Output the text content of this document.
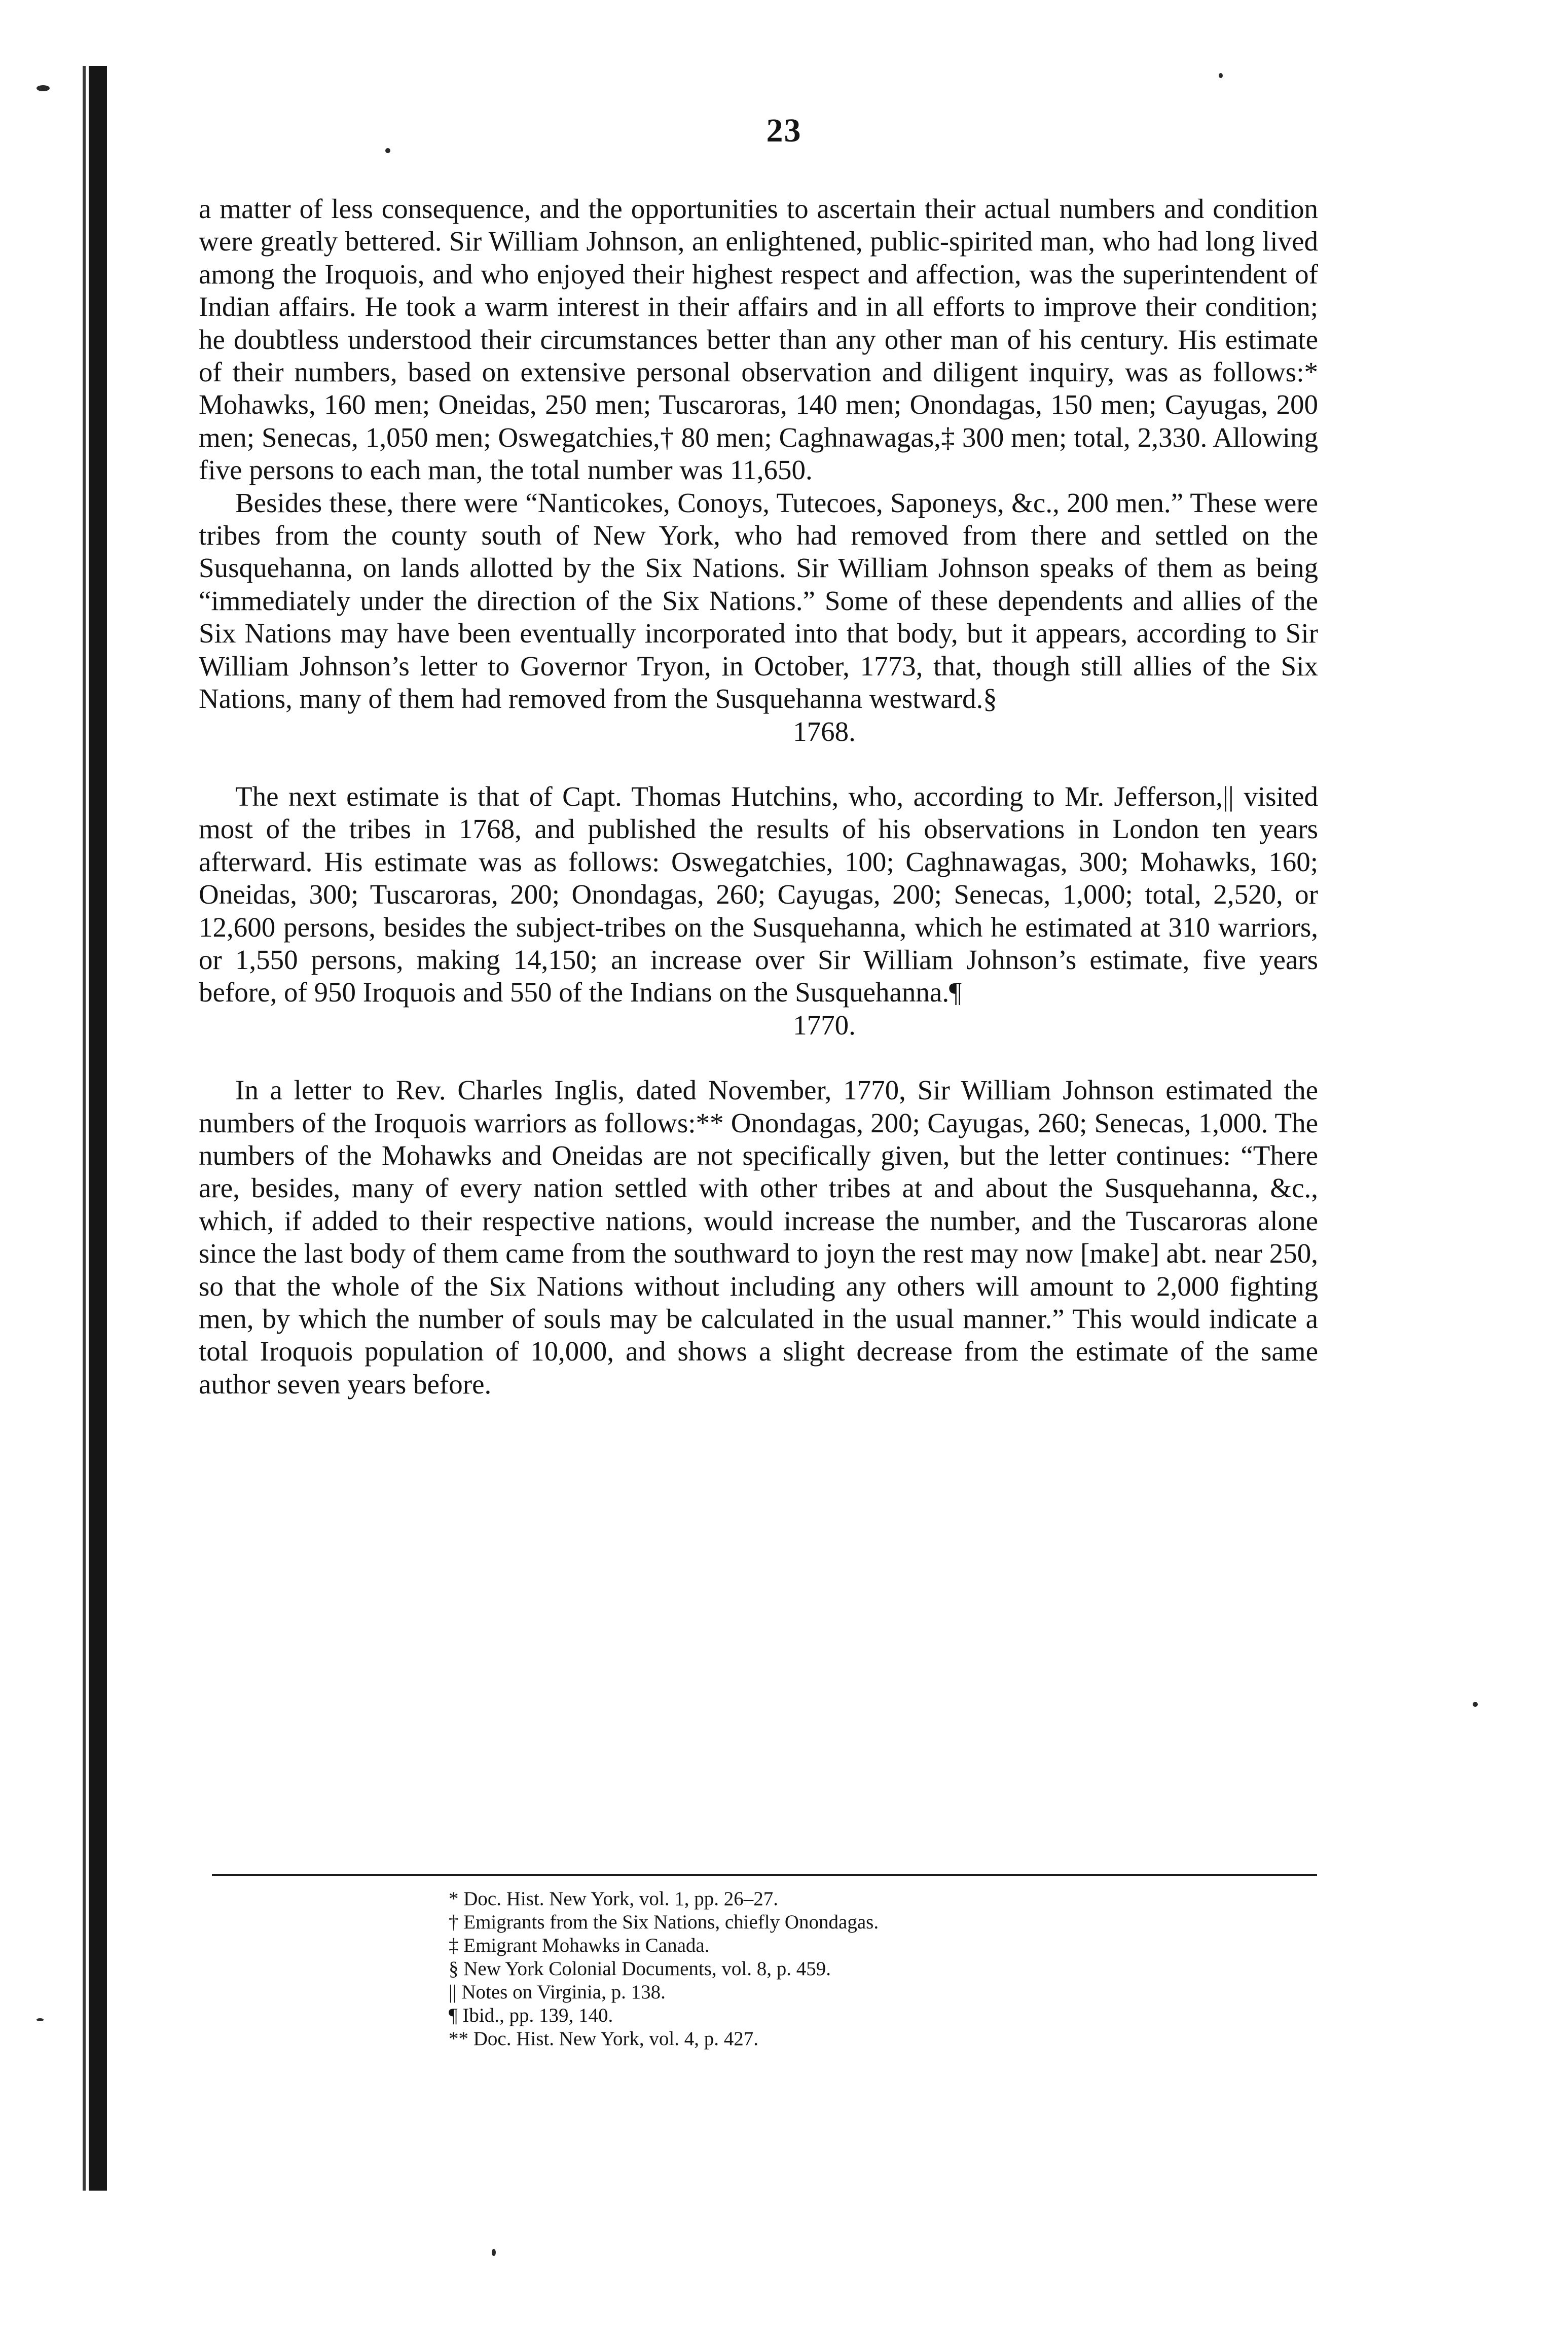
23

a matter of less consequence, and the opportunities to ascertain their actual numbers and condition were greatly bettered. Sir William Johnson, an enlightened, public-spirited man, who had long lived among the Iroquois, and who enjoyed their highest respect and affection, was the superintendent of Indian affairs. He took a warm interest in their affairs and in all efforts to improve their condition; he doubtless understood their circumstances better than any other man of his century. His estimate of their numbers, based on extensive personal observation and diligent inquiry, was as follows:* Mohawks, 160 men; Oneidas, 250 men; Tuscaroras, 140 men; Onondagas, 150 men; Cayugas, 200 men; Senecas, 1,050 men; Oswegatchies,† 80 men; Caghnawagas,‡ 300 men; total, 2,330. Allowing five persons to each man, the total number was 11,650.

Besides these, there were “Nanticokes, Conoys, Tutecoes, Saponeys, &c., 200 men.” These were tribes from the county south of New York, who had removed from there and settled on the Susquehanna, on lands allotted by the Six Nations. Sir William Johnson speaks of them as being “immediately under the direction of the Six Nations.” Some of these dependents and allies of the Six Nations may have been eventually incorporated into that body, but it appears, according to Sir William Johnson’s letter to Governor Tryon, in October, 1773, that, though still allies of the Six Nations, many of them had removed from the Susquehanna westward.§

1768.

The next estimate is that of Capt. Thomas Hutchins, who, according to Mr. Jefferson,|| visited most of the tribes in 1768, and published the results of his observations in London ten years afterward. His estimate was as follows: Oswegatchies, 100; Caghnawagas, 300; Mohawks, 160; Oneidas, 300; Tuscaroras, 200; Onondagas, 260; Cayugas, 200; Senecas, 1,000; total, 2,520, or 12,600 persons, besides the subject-tribes on the Susquehanna, which he estimated at 310 warriors, or 1,550 persons, making 14,150; an increase over Sir William Johnson’s estimate, five years before, of 950 Iroquois and 550 of the Indians on the Susquehanna.¶

1770.

In a letter to Rev. Charles Inglis, dated November, 1770, Sir William Johnson estimated the numbers of the Iroquois warriors as follows:** Onondagas, 200; Cayugas, 260; Senecas, 1,000. The numbers of the Mohawks and Oneidas are not specifically given, but the letter continues: “There are, besides, many of every nation settled with other tribes at and about the Susquehanna, &c., which, if added to their respective nations, would increase the number, and the Tuscaroras alone since the last body of them came from the southward to joyn the rest may now [make] abt. near 250, so that the whole of the Six Nations without including any others will amount to 2,000 fighting men, by which the number of souls may be calculated in the usual manner.” This would indicate a total Iroquois population of 10,000, and shows a slight decrease from the estimate of the same author seven years before.

* Doc. Hist. New York, vol. 1, pp. 26–27.
† Emigrants from the Six Nations, chiefly Onondagas.
‡ Emigrant Mohawks in Canada.
§ New York Colonial Documents, vol. 8, p. 459.
|| Notes on Virginia, p. 138.
¶ Ibid., pp. 139, 140.
** Doc. Hist. New York, vol. 4, p. 427.
